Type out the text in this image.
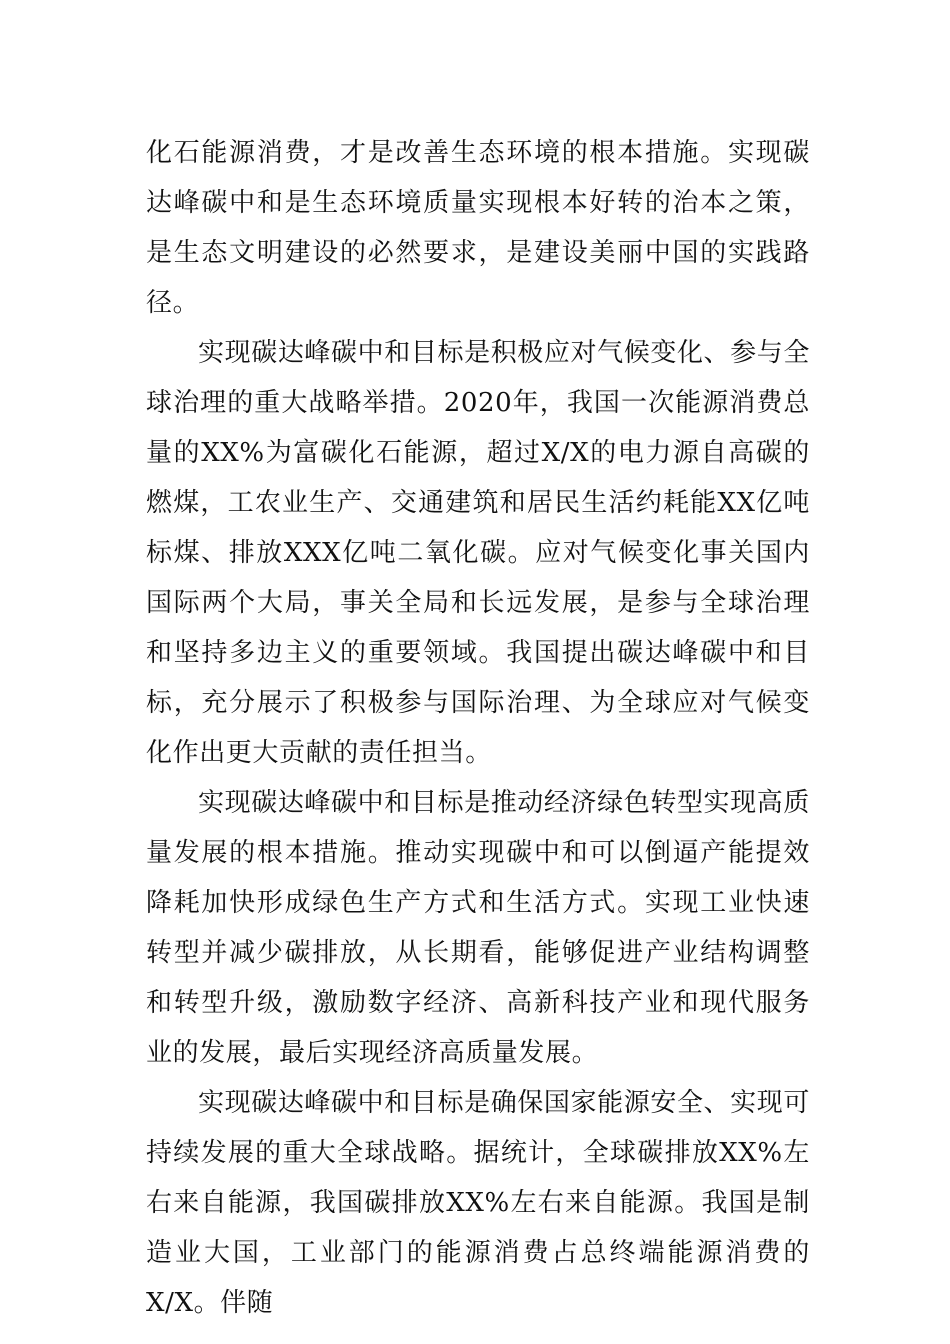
化石能源消费，才是改善生态环境的根本措施。实现碳达峰碳中和是生态环境质量实现根本好转的治本之策，是生态文明建设的必然要求，是建设美丽中国的实践路径。

实现碳达峰碳中和目标是积极应对气候变化、参与全球治理的重大战略举措。2020年，我国一次能源消费总量的XX%为富碳化石能源，超过X/X的电力源自高碳的燃煤，工农业生产、交通建筑和居民生活约耗能XX亿吨标煤、排放XXX亿吨二氧化碳。应对气候变化事关国内国际两个大局，事关全局和长远发展，是参与全球治理和坚持多边主义的重要领域。我国提出碳达峰碳中和目标，充分展示了积极参与国际治理、为全球应对气候变化作出更大贡献的责任担当。

实现碳达峰碳中和目标是推动经济绿色转型实现高质量发展的根本措施。推动实现碳中和可以倒逼产能提效降耗加快形成绿色生产方式和生活方式。实现工业快速转型并减少碳排放，从长期看，能够促进产业结构调整和转型升级，激励数字经济、高新科技产业和现代服务业的发展，最后实现经济高质量发展。

实现碳达峰碳中和目标是确保国家能源安全、实现可持续发展的重大全球战略。据统计，全球碳排放XX%左右来自能源，我国碳排放XX%左右来自能源。我国是制造业大国，工业部门的能源消费占总终端能源消费的X/X。伴随
